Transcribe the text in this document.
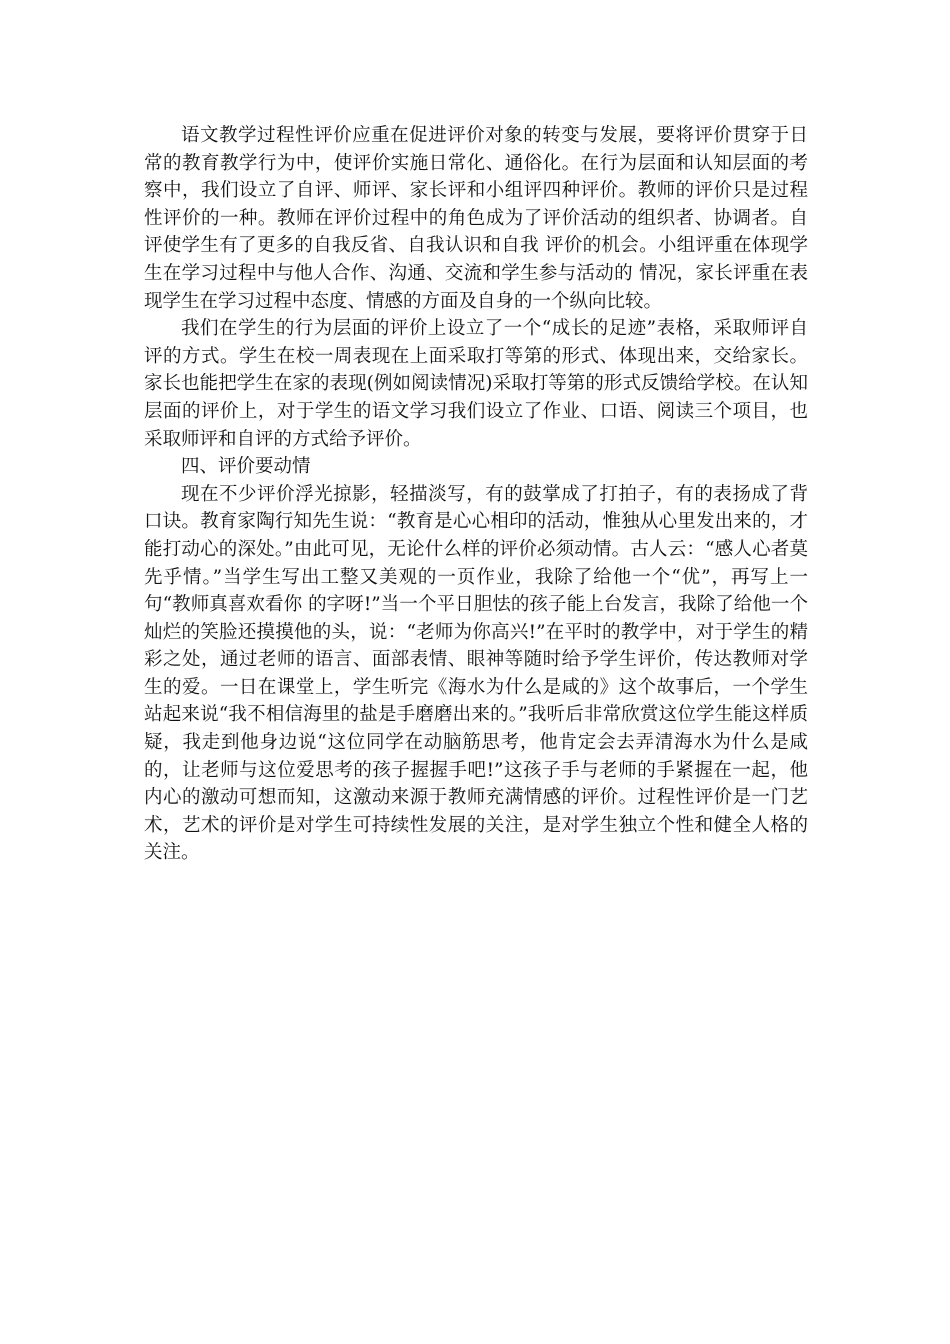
语文教学过程性评价应重在促进评价对象的转变与发展，要将评价贯穿于日常的教育教学行为中，使评价实施日常化、通俗化。在行为层面和认知层面的考察中，我们设立了自评、师评、家长评和小组评四种评价。教师的评价只是过程性评价的一种。教师在评价过程中的角色成为了评价活动的组织者、协调者。自评使学生有了更多的自我反省、自我认识和自我 评价的机会。小组评重在体现学生在学习过程中与他人合作、沟通、交流和学生参与活动的 情况，家长评重在表现学生在学习过程中态度、情感的方面及自身的一个纵向比较。

我们在学生的行为层面的评价上设立了一个“成长的足迹”表格，采取师评自评的方式。学生在校一周表现在上面采取打等第的形式、体现出来，交给家长。家长也能把学生在家的表现(例如阅读情况)采取打等第的形式反馈给学校。在认知层面的评价上，对于学生的语文学习我们设立了作业、口语、阅读三个项目，也采取师评和自评的方式给予评价。

四、评价要动情

现在不少评价浮光掠影，轻描淡写，有的鼓掌成了打拍子，有的表扬成了背口诀。教育家陶行知先生说：“教育是心心相印的活动，惟独从心里发出来的，才能打动心的深处。”由此可见，无论什么样的评价必须动情。古人云：“感人心者莫先乎情。”当学生写出工整又美观的一页作业，我除了给他一个“优”，再写上一句“教师真喜欢看你 的字呀!”当一个平日胆怯的孩子能上台发言，我除了给他一个灿烂的笑脸还摸摸他的头，说：“老师为你高兴!”在平时的教学中，对于学生的精彩之处，通过老师的语言、面部表情、眼神等随时给予学生评价，传达教师对学生的爱。一日在课堂上，学生听完《海水为什么是咸的》这个故事后，一个学生站起来说“我不相信海里的盐是手磨磨出来的。”我听后非常欣赏这位学生能这样质疑，我走到他身边说“这位同学在动脑筋思考，他肯定会去弄清海水为什么是咸的，让老师与这位爱思考的孩子握握手吧!”这孩子手与老师的手紧握在一起，他内心的激动可想而知，这激动来源于教师充满情感的评价。过程性评价是一门艺术，艺术的评价是对学生可持续性发展的关注，是对学生独立个性和健全人格的关注。
